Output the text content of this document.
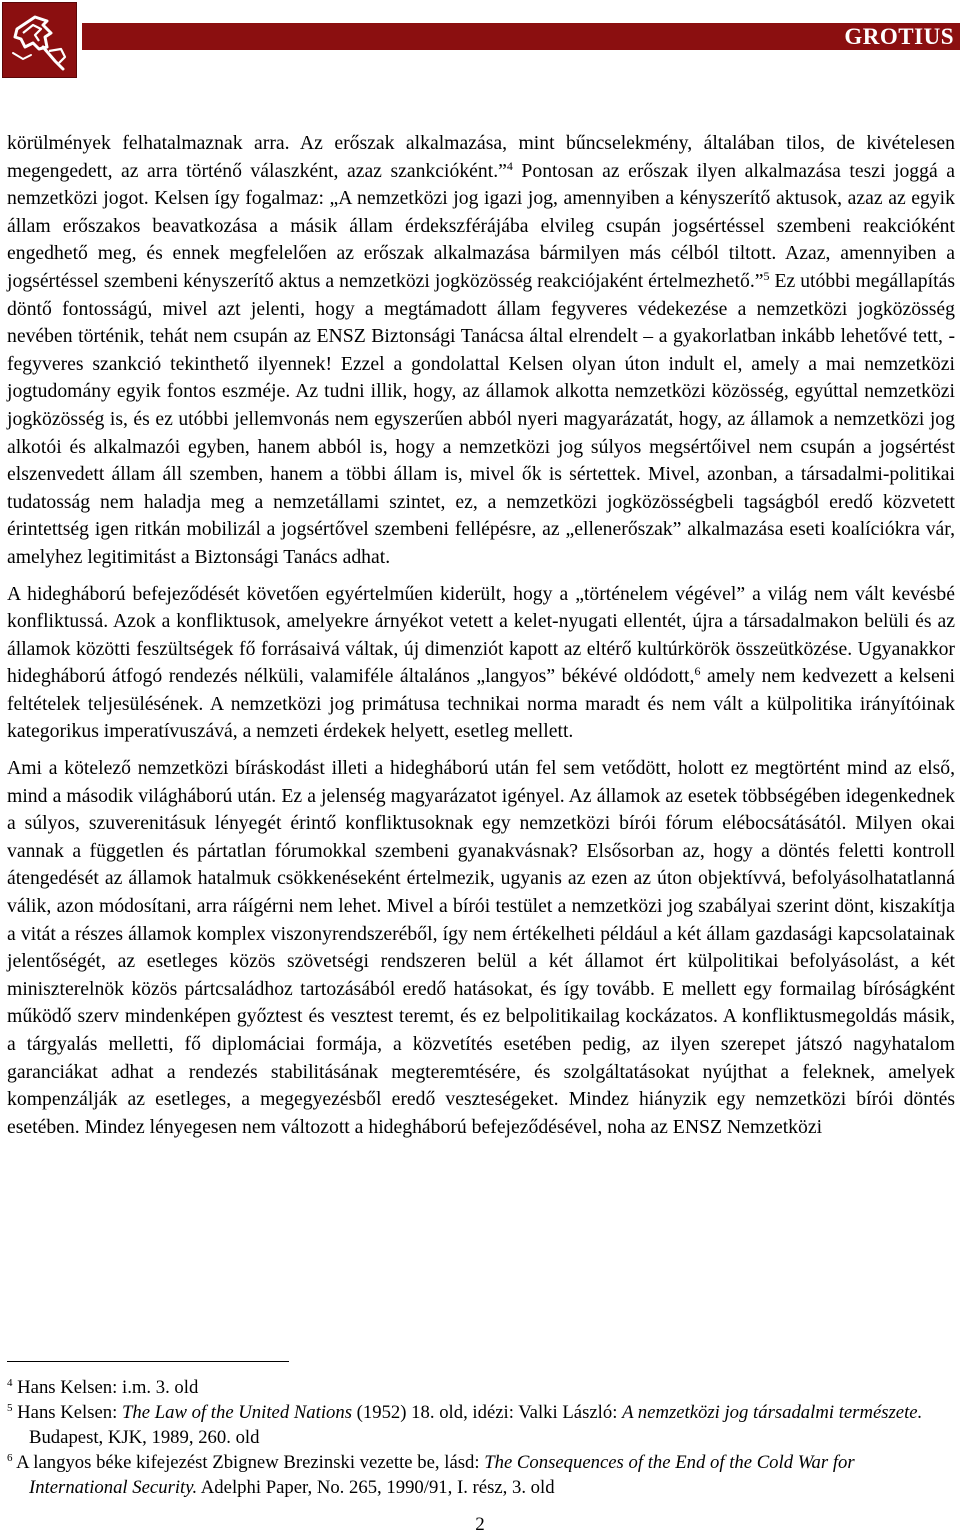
GROTIUS

körülmények felhatalmaznak arra. Az erőszak alkalmazása, mint bűncselekmény, általában tilos, de kivételesen megengedett, az arra történő válaszként, azaz szankcióként.”$^4$ Pontosan az erőszak ilyen alkalmazása teszi joggá a nemzetközi jogot. Kelsen így fogalmaz: „A nemzetközi jog igazi jog, amennyiben a kényszerítő aktusok, azaz az egyik állam erőszakos beavatkozása a másik állam érdekszférájába elvileg csupán jogsértéssel szembeni reakcióként engedhető meg, és ennek megfelelően az erőszak alkalmazása bármilyen más célból tiltott. Azaz, amennyiben a jogsértéssel szembeni kényszerítő aktus a nemzetközi jogközösség reakciójaként értelmezhető.”$^5$ Ez utóbbi megállapítás döntő fontosságú, mivel azt jelenti, hogy a megtámadott állam fegyveres védekezése a nemzetközi jogközösség nevében történik, tehát nem csupán az ENSZ Biztonsági Tanácsa által elrendelt – a gyakorlatban inkább lehetővé tett, - fegyveres szankció tekinthető ilyennek! Ezzel a gondolattal Kelsen olyan úton indult el, amely a mai nemzetközi jogtudomány egyik fontos eszméje. Az tudni illik, hogy, az államok alkotta nemzetközi közösség, egyúttal nemzetközi jogközösség is, és ez utóbbi jellemvonás nem egyszerűen abból nyeri magyarázatát, hogy, az államok a nemzetközi jog alkotói és alkalmazói egyben, hanem abból is, hogy a nemzetközi jog súlyos megsértőivel nem csupán a jogsértést elszenvedett állam áll szemben, hanem a többi állam is, mivel ők is sértettek. Mivel, azonban, a társadalmi-politikai tudatosság nem haladja meg a nemzetállami szintet, ez, a nemzetközi jogközösségbeli tagságból eredő közvetett érintettség igen ritkán mobilizál a jogsértővel szembeni fellépésre, az „ellenerőszak” alkalmazása eseti koalíciókra vár, amelyhez legitimitást a Biztonsági Tanács adhat.

A hidegháború befejeződését követően egyértelműen kiderült, hogy a „történelem végével” a világ nem vált kevésbé konfliktussá. Azok a konfliktusok, amelyekre árnyékot vetett a kelet-nyugati ellentét, újra a társadalmakon belüli és az államok közötti feszültségek fő forrásaivá váltak, új dimenziót kapott az eltérő kultúrkörök összeütközése. Ugyanakkor hidegháború átfogó rendezés nélküli, valamiféle általános „langyos” békévé oldódott,$^6$ amely nem kedvezett a kelseni feltételek teljesülésének. A nemzetközi jog primátusa technikai norma maradt és nem vált a külpolitika irányítóinak kategorikus imperatívuszává, a nemzeti érdekek helyett, esetleg mellett.

Ami a kötelező nemzetközi bíráskodást illeti a hidegháború után fel sem vetődött, holott ez megtörtént mind az első, mind a második világháború után. Ez a jelenség magyarázatot igényel. Az államok az esetek többségében idegenkednek a súlyos, szuverenitásuk lényegét érintő konfliktusoknak egy nemzetközi bírói fórum elébocsátásától. Milyen okai vannak a független és pártatlan fórumokkal szembeni gyanakvásnak? Elsősorban az, hogy a döntés feletti kontroll átengedését az államok hatalmuk csökkenéseként értelmezik, ugyanis az ezen az úton objektívvá, befolyásolhatatlanná válik, azon módosítani, arra ráígérni nem lehet. Mivel a bírói testület a nemzetközi jog szabályai szerint dönt, kiszakítja a vitát a részes államok komplex viszonyrendszeréből, így nem értékelheti például a két állam gazdasági kapcsolatainak jelentőségét, az esetleges közös szövetségi rendszeren belül a két államot ért külpolitikai befolyásolást, a két miniszterelnök közös pártcsaládhoz tartozásából eredő hatásokat, és így tovább. E mellett egy formailag bíróságként működő szerv mindenképen győztest és vesztest teremt, és ez belpolitikailag kockázatos. A konfliktusmegoldás másik, a tárgyalás melletti, fő diplomáciai formája, a közvetítés esetében pedig, az ilyen szerepet játszó nagyhatalom garanciákat adhat a rendezés stabilitásának megteremtésére, és szolgáltatásokat nyújthat a feleknek, amelyek kompenzálják az esetleges, a megegyezésből eredő veszteségeket. Mindez hiányzik egy nemzetközi bírói döntés esetében. Mindez lényegesen nem változott a hidegháború befejeződésével, noha az ENSZ Nemzetközi

$^4$ Hans Kelsen: i.m. 3. old

$^5$ Hans Kelsen: The Law of the United Nations (1952) 18. old, idézi: Valki László: A nemzetközi jog társadalmi természete. Budapest, KJK, 1989, 260. old

$^6$ A langyos béke kifejezést Zbignew Brezinski vezette be, lásd: The Consequences of the End of the Cold War for International Security. Adelphi Paper, No. 265, 1990/91, I. rész, 3. old

2
